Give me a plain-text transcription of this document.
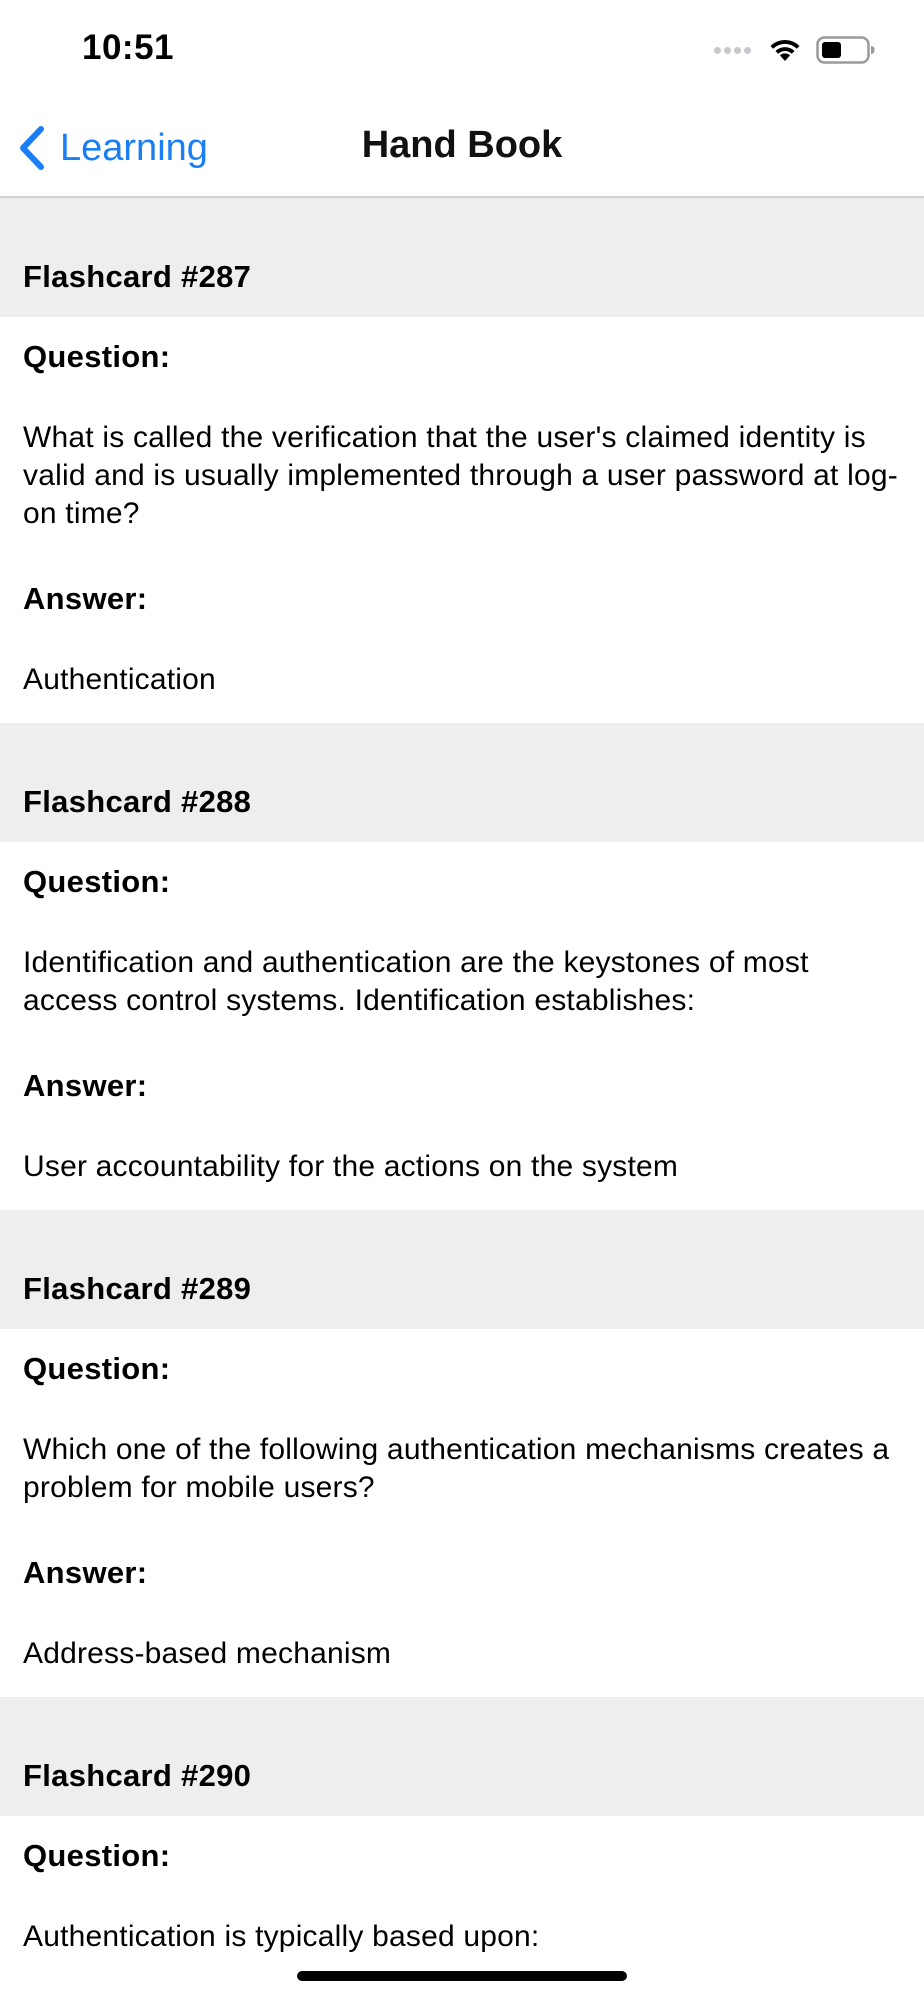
10:51
Learning	Hand Book
Flashcard #287
Question:
What is called the verification that the user's claimed identity is valid and is usually implemented through a user password at log-on time?
Answer:
Authentication
Flashcard #288
Question:
Identification and authentication are the keystones of most access control systems. Identification establishes:
Answer:
User accountability for the actions on the system
Flashcard #289
Question:
Which one of the following authentication mechanisms creates a problem for mobile users?
Answer:
Address-based mechanism
Flashcard #290
Question:
Authentication is typically based upon:
